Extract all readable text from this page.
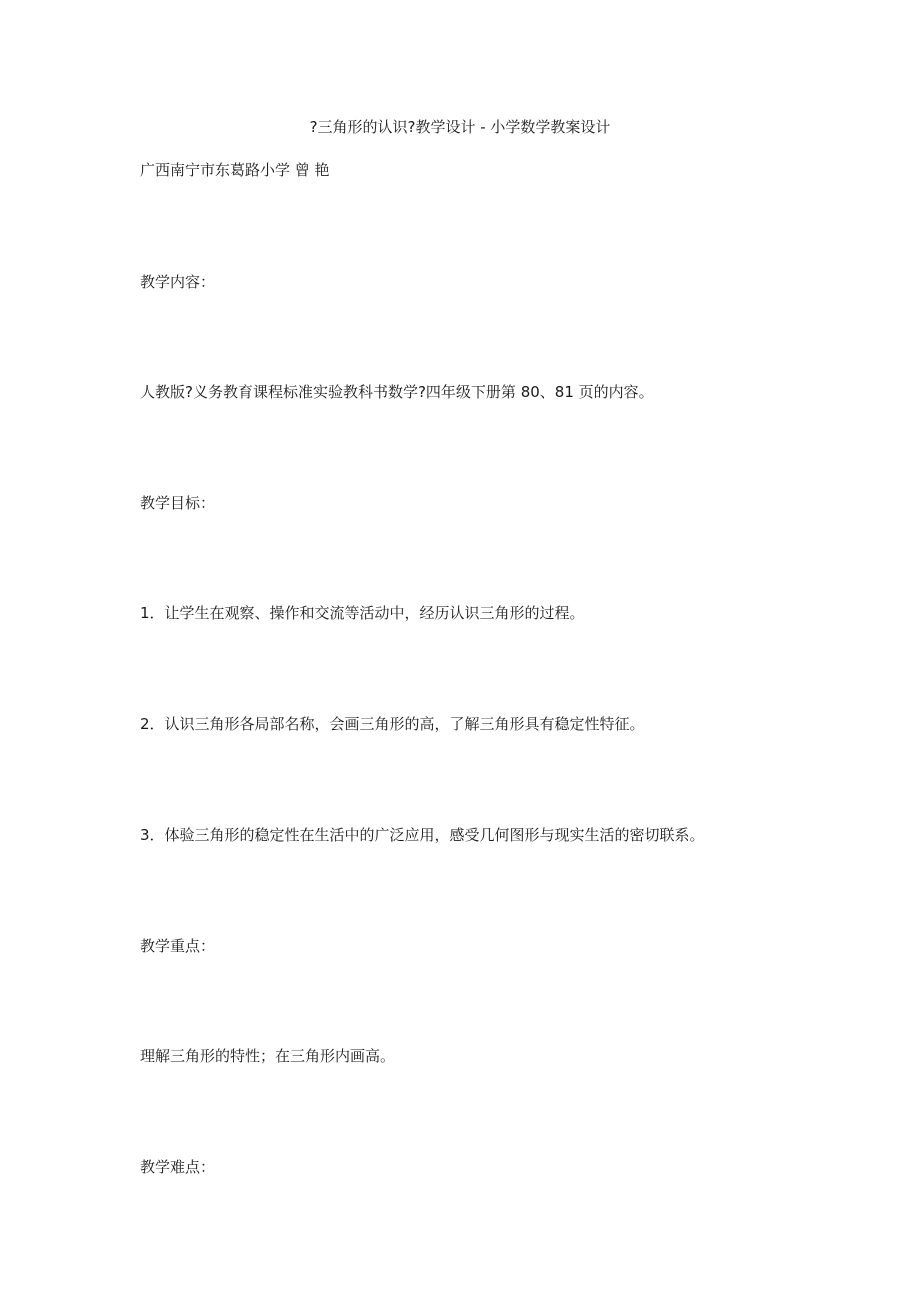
?三角形的认识?教学设计 - 小学数学教案设计
广西南宁市东葛路小学 曾 艳
教学内容：
人教版?义务教育课程标准实验教科书数学?四年级下册第 80、81 页的内容。
教学目标：
1．让学生在观察、操作和交流等活动中，经历认识三角形的过程。
2．认识三角形各局部名称，会画三角形的高，了解三角形具有稳定性特征。
3．体验三角形的稳定性在生活中的广泛应用，感受几何图形与现实生活的密切联系。
教学重点：
理解三角形的特性；在三角形内画高。
教学难点：
